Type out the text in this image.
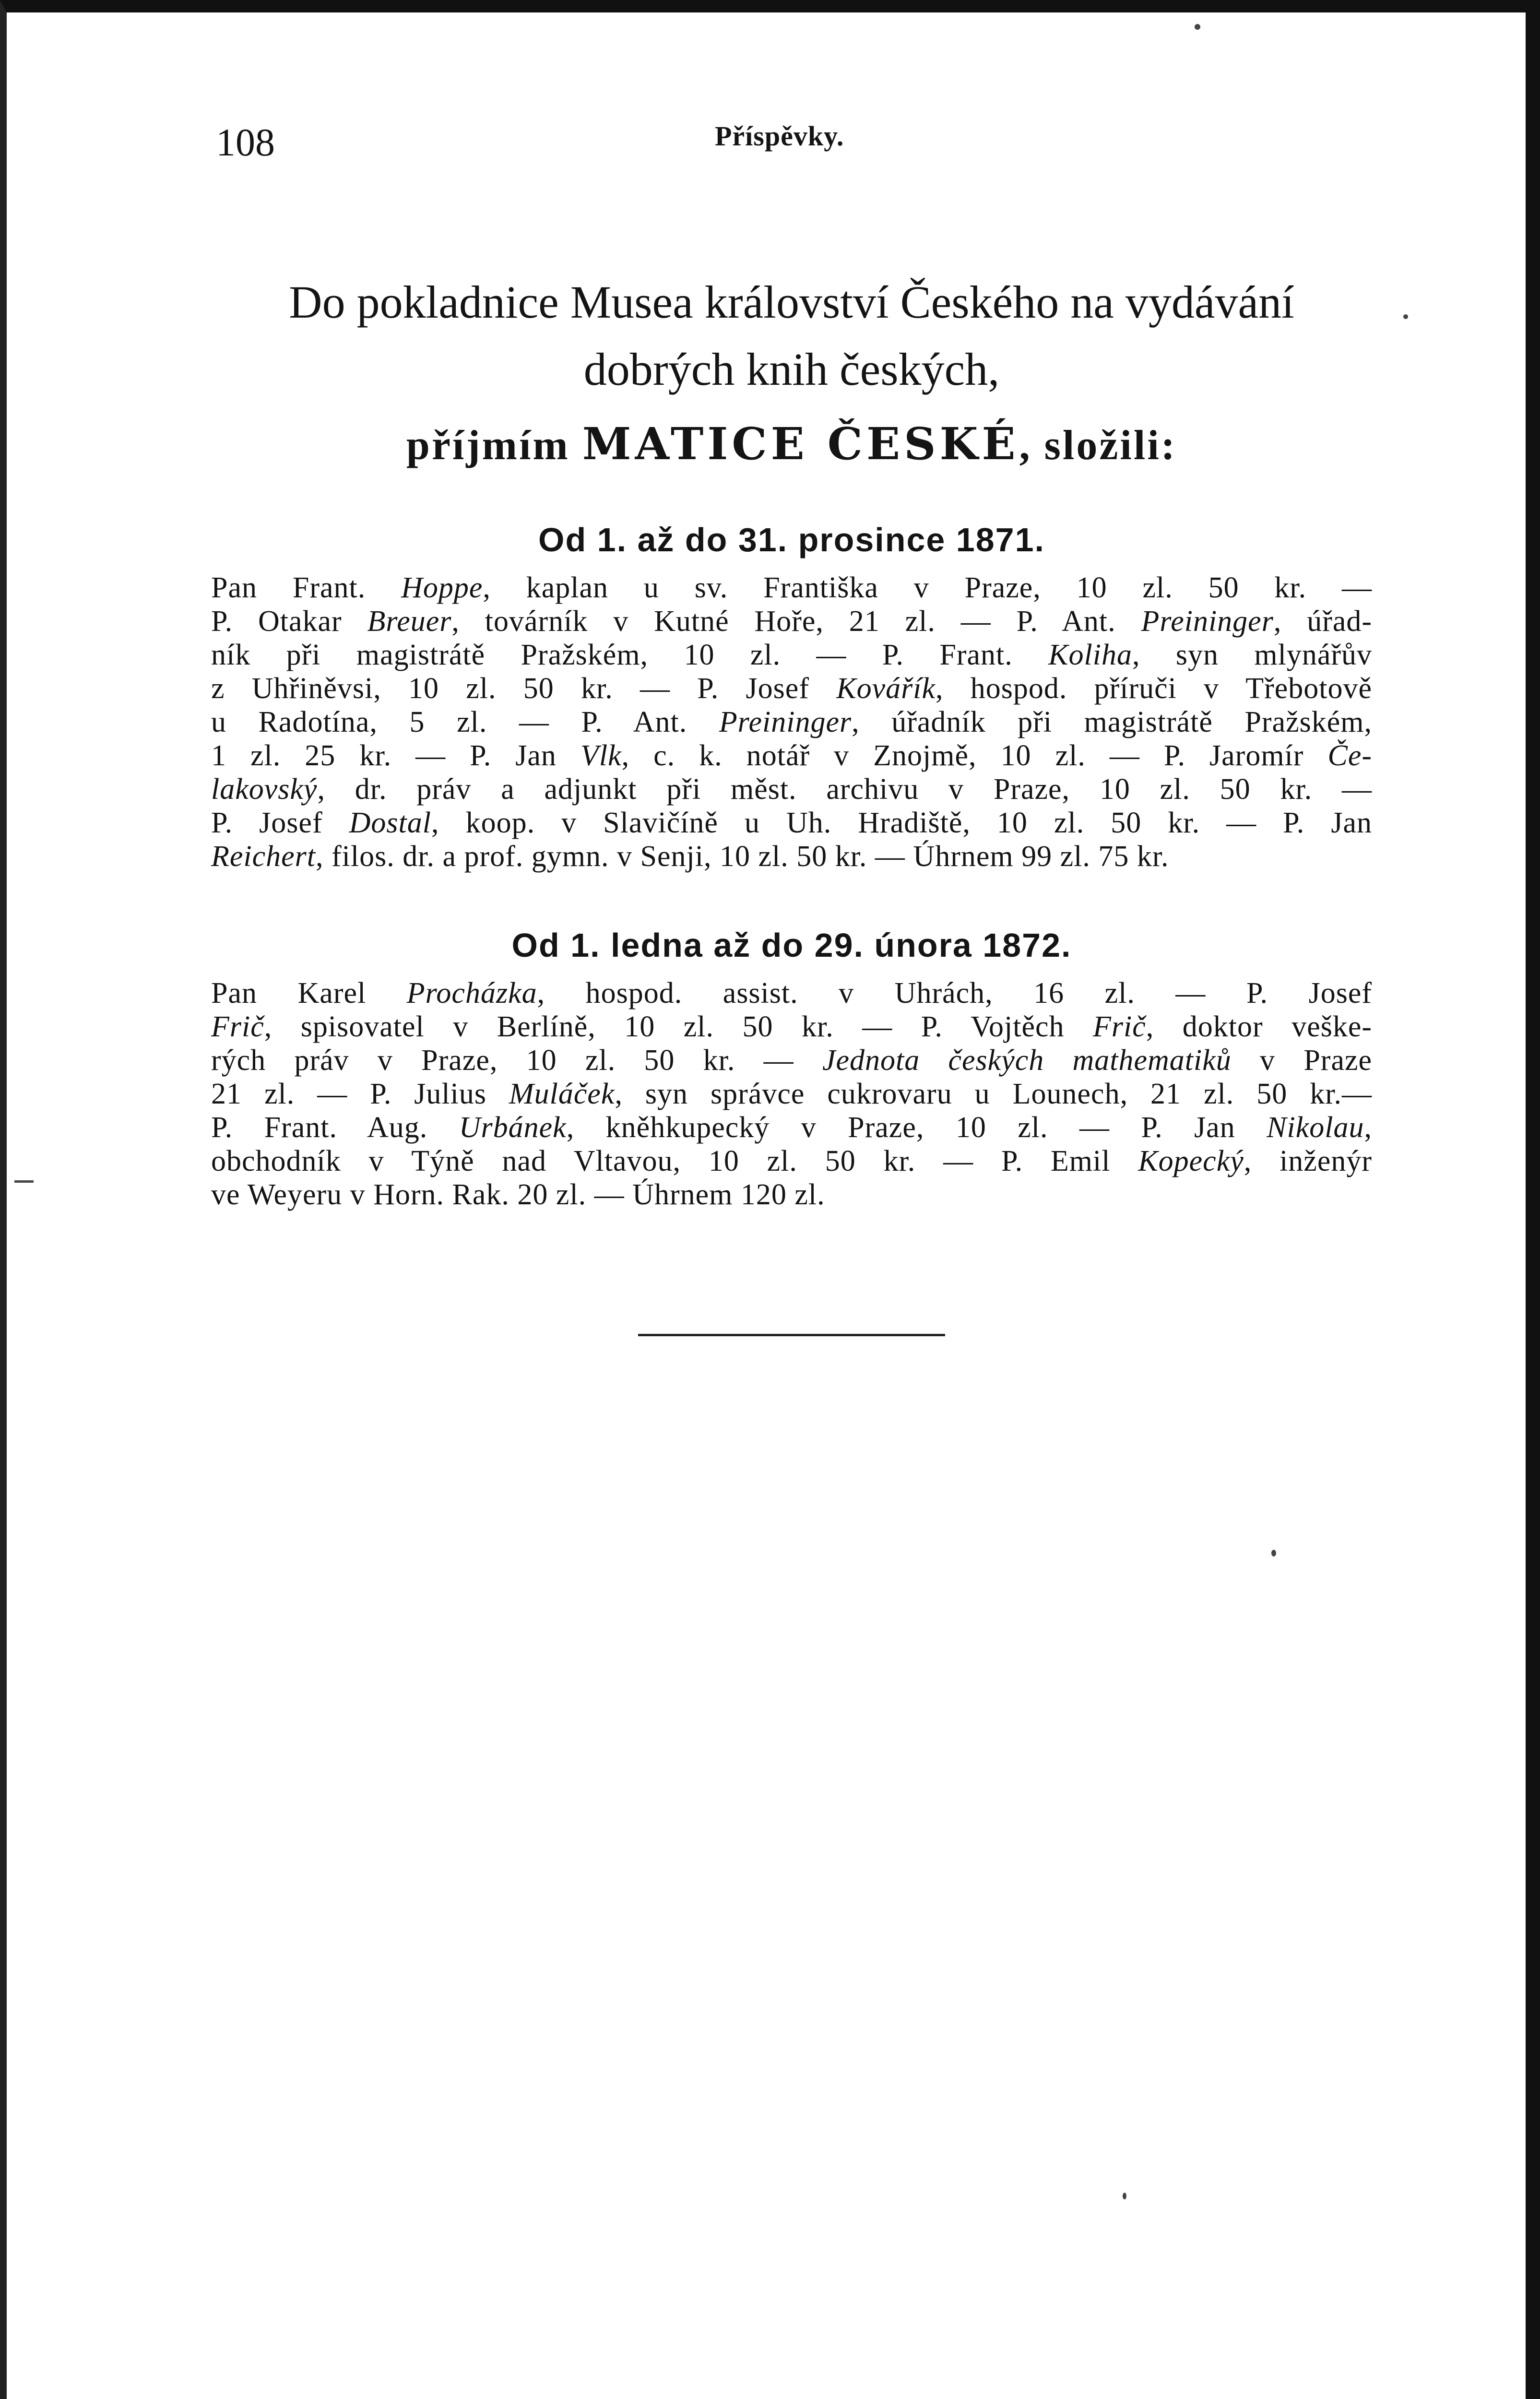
108	Příspěvky.
Do pokladnice Musea království Českého na vydávání
dobrých knih českých,
příjmím MATICE ČESKÉ, složili:
Od 1. až do 31. prosince 1871.

Pan Frant. Hoppe, kaplan u sv. Františka v Praze, 10 zl. 50 kr. —

P. Otakar Breuer, továrník v Kutné Hoře, 21 zl. — P. Ant. Preininger, úřad-

ník při magistrátě Pražském, 10 zl. — P. Frant. Koliha, syn mlynářův

z Uhřiněvsi, 10 zl. 50 kr. — P. Josef Kovářík, hospod. příruči v Třebotově

u Radotína, 5 zl. — P. Ant. Preininger, úřadník při magistrátě Pražském,

1 zl. 25 kr. — P. Jan Vlk, c. k. notář v Znojmě, 10 zl. — P. Jaromír Če-

lakovský, dr. práv a adjunkt při měst. archivu v Praze, 10 zl. 50 kr. —

P. Josef Dostal, koop. v Slavičíně u Uh. Hradiště, 10 zl. 50 kr. — P. Jan

Reichert, filos. dr. a prof. gymn. v Senji, 10 zl. 50 kr. — Úhrnem 99 zl. 75 kr.

Od 1. ledna až do 29. února 1872.

Pan Karel Procházka, hospod. assist. v Uhrách, 16 zl. — P. Josef

Frič, spisovatel v Berlíně, 10 zl. 50 kr. — P. Vojtěch Frič, doktor veške-

rých práv v Praze, 10 zl. 50 kr. — Jednota českých mathematiků v Praze

21 zl. — P. Julius Muláček, syn správce cukrovaru u Lounech, 21 zl. 50 kr.—

P. Frant. Aug. Urbánek, kněhkupecký v Praze, 10 zl. — P. Jan Nikolau,

obchodník v Týně nad Vltavou, 10 zl. 50 kr. — P. Emil Kopecký, inženýr

ve Weyeru v Horn. Rak. 20 zl. — Úhrnem 120 zl.
